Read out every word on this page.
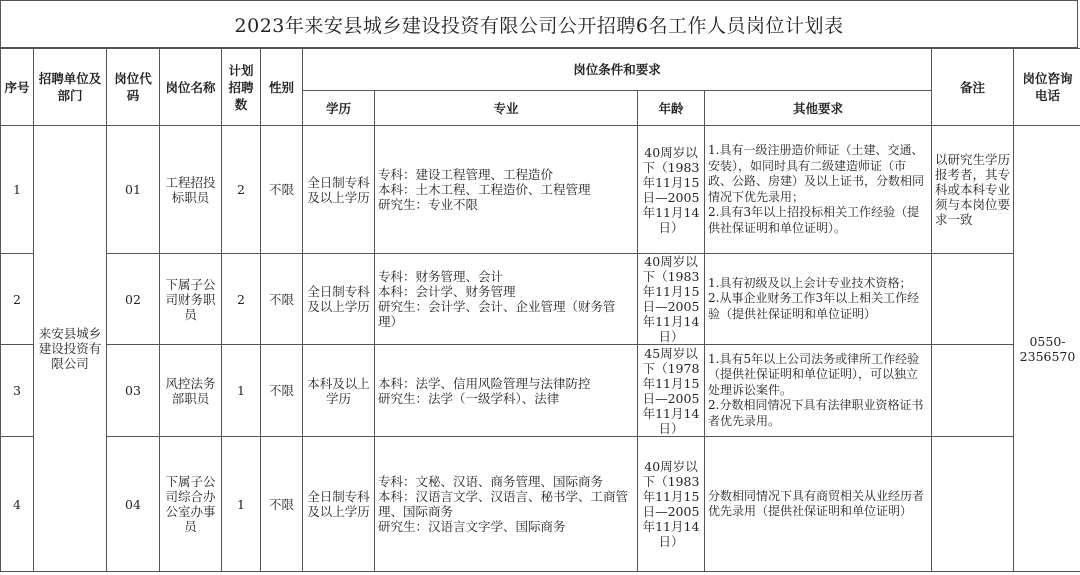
2023年来安县城乡建设投资有限公司公开招聘6名工作人员岗位计划表
序号	招聘单位及部门	岗位代码	岗位名称	计划招聘数	性别	岗位条件和要求				备注	岗位咨询电话
						学历	专业	年龄	其他要求		
1	来安县城乡建设投资有限公司	01	工程招投标职员	2	不限	全日制专科及以上学历	专科：建设工程管理、工程造价
本科：土木工程、工程造价、工程管理
研究生：专业不限	40周岁以下（1983年11月15日—2005年11月14日）	1.具有一级注册造价师证（土建、交通、安装），如同时具有二级建造师证（市政、公路、房建）及以上证书，分数相同情况下优先录用；
2.具有3年以上招投标相关工作经验（提供社保证明和单位证明）。	以研究生学历报考者，其专科或本科专业须与本岗位要求一致	0550-2356570
2		02	下属子公司财务职员	2	不限	全日制专科及以上学历	专科：财务管理、会计
本科：会计学、财务管理
研究生：会计学、会计、企业管理（财务管理）	40周岁以下（1983年11月15日—2005年11月14日）	1.具有初级及以上会计专业技术资格；
2.从事企业财务工作3年以上相关工作经验（提供社保证明和单位证明）		
3		03	风控法务部职员	1	不限	本科及以上学历	本科：法学、信用风险管理与法律防控
研究生：法学（一级学科）、法律	45周岁以下（1978年11月15日—2005年11月14日）	1.具有5年以上公司法务或律所工作经验（提供社保证明和单位证明），可以独立处理诉讼案件。
2.分数相同情况下具有法律职业资格证书者优先录用。		
4		04	下属子公司综合办公室办事员	1	不限	全日制专科及以上学历	专科：文秘、汉语、商务管理、国际商务
本科：汉语言文学、汉语言、秘书学、工商管理、国际商务
研究生：汉语言文字学、国际商务	40周岁以下（1983年11月15日—2005年11月14日）	分数相同情况下具有商贸相关从业经历者优先录用（提供社保证明和单位证明）		
